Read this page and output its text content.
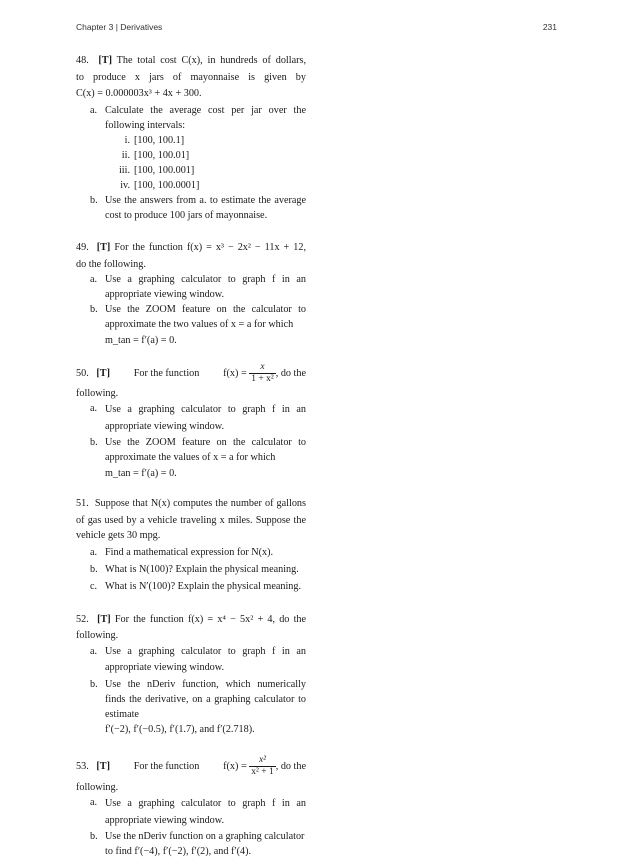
Chapter 3 | Derivatives	231
48. [T] The total cost C(x), in hundreds of dollars,
to produce x jars of mayonnaise is given by
C(x) = 0.000003x³ + 4x + 300.
a. Calculate the average cost per jar over the following intervals:
i. [100, 100.1]
ii. [100, 100.01]
iii. [100, 100.001]
iv. [100, 100.0001]
b. Use the answers from a. to estimate the average cost to produce 100 jars of mayonnaise.
49. [T] For the function f(x) = x³ − 2x² − 11x + 12,
do the following.
a. Use a graphing calculator to graph f in an appropriate viewing window.
b. Use the ZOOM feature on the calculator to approximate the two values of x = a for which
m_tan = f′(a) = 0.
50. [T] For the function $f(x) = \frac{x}{\text{1 + x²}}$ , do the
following.
a. Use a graphing calculator to graph f in an appropriate viewing window.
b. Use the ZOOM feature on the calculator to approximate the values of x = a for which
m_tan = f′(a) = 0.
51. Suppose that N(x) computes the number of gallons
of gas used by a vehicle traveling x miles. Suppose the
vehicle gets 30 mpg.
a. Find a mathematical expression for N(x).
b. What is N(100)? Explain the physical meaning.
c. What is N′(100)? Explain the physical meaning.
52. [T] For the function f(x) = x⁴ − 5x² + 4, do the
following.
a. Use a graphing calculator to graph f in an appropriate viewing window.
b. Use the nDeriv function, which numerically finds the derivative, on a graphing calculator to estimate
f′(−2), f′(−0.5), f′(1.7), and f′(2.718).
53. [T] For the function $f(x) = \frac{\text{x²}}{\text{x² + 1}}$ , do the
following.
a. Use a graphing calculator to graph f in an appropriate viewing window.
b. Use the nDeriv function on a graphing calculator
to find f′(−4), f′(−2), f′(2), and f′(4).
